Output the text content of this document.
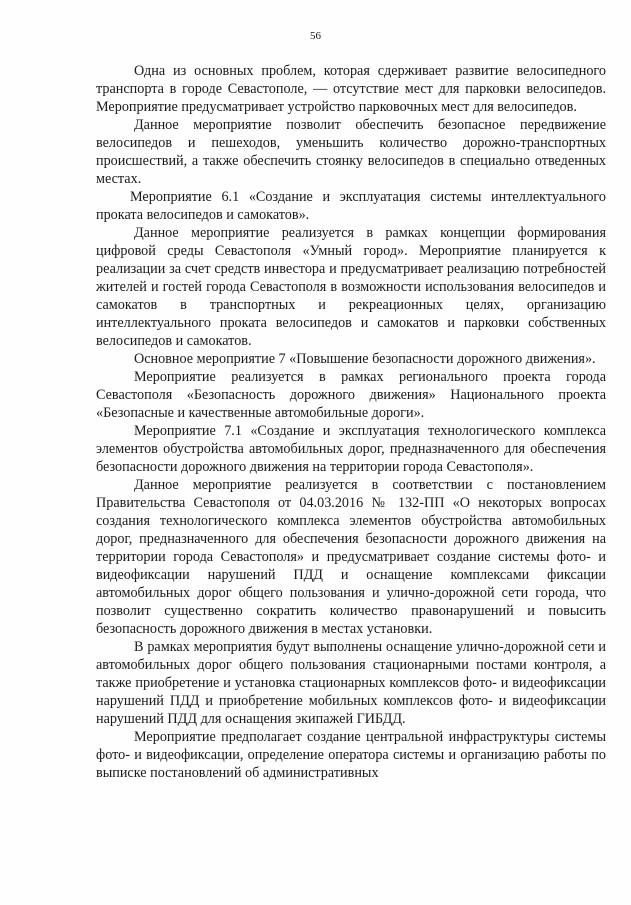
56

Одна из основных проблем, которая сдерживает развитие велосипедного транспорта в городе Севастополе, — отсутствие мест для парковки велосипедов. Мероприятие предусматривает устройство парковочных мест для велосипедов.

Данное мероприятие позволит обеспечить безопасное передвижение велосипедов и пешеходов, уменьшить количество дорожно-транспортных происшествий, а также обеспечить стоянку велосипедов в специально отведенных местах.

Мероприятие 6.1 «Создание и эксплуатация системы интеллектуального проката велосипедов и самокатов».

Данное мероприятие реализуется в рамках концепции формирования цифровой среды Севастополя «Умный город». Мероприятие планируется к реализации за счет средств инвестора и предусматривает реализацию потребностей жителей и гостей города Севастополя в возможности использования велосипедов и самокатов в транспортных и рекреационных целях, организацию интеллектуального проката велосипедов и самокатов и парковки собственных велосипедов и самокатов.

Основное мероприятие 7 «Повышение безопасности дорожного движения».

Мероприятие реализуется в рамках регионального проекта города Севастополя «Безопасность дорожного движения» Национального проекта «Безопасные и качественные автомобильные дороги».

Мероприятие 7.1 «Создание и эксплуатация технологического комплекса элементов обустройства автомобильных дорог, предназначенного для обеспечения безопасности дорожного движения на территории города Севастополя».

Данное мероприятие реализуется в соответствии с постановлением Правительства Севастополя от 04.03.2016 № 132-ПП «О некоторых вопросах создания технологического комплекса элементов обустройства автомобильных дорог, предназначенного для обеспечения безопасности дорожного движения на территории города Севастополя» и предусматривает создание системы фото- и видеофиксации нарушений ПДД и оснащение комплексами фиксации автомобильных дорог общего пользования и улично-дорожной сети города, что позволит существенно сократить количество правонарушений и повысить безопасность дорожного движения в местах установки.

В рамках мероприятия будут выполнены оснащение улично-дорожной сети и автомобильных дорог общего пользования стационарными постами контроля, а также приобретение и установка стационарных комплексов фото- и видеофиксации нарушений ПДД и приобретение мобильных комплексов фото- и видеофиксации нарушений ПДД для оснащения экипажей ГИБДД.

Мероприятие предполагает создание центральной инфраструктуры системы фото- и видеофиксации, определение оператора системы и организацию работы по выписке постановлений об административных
